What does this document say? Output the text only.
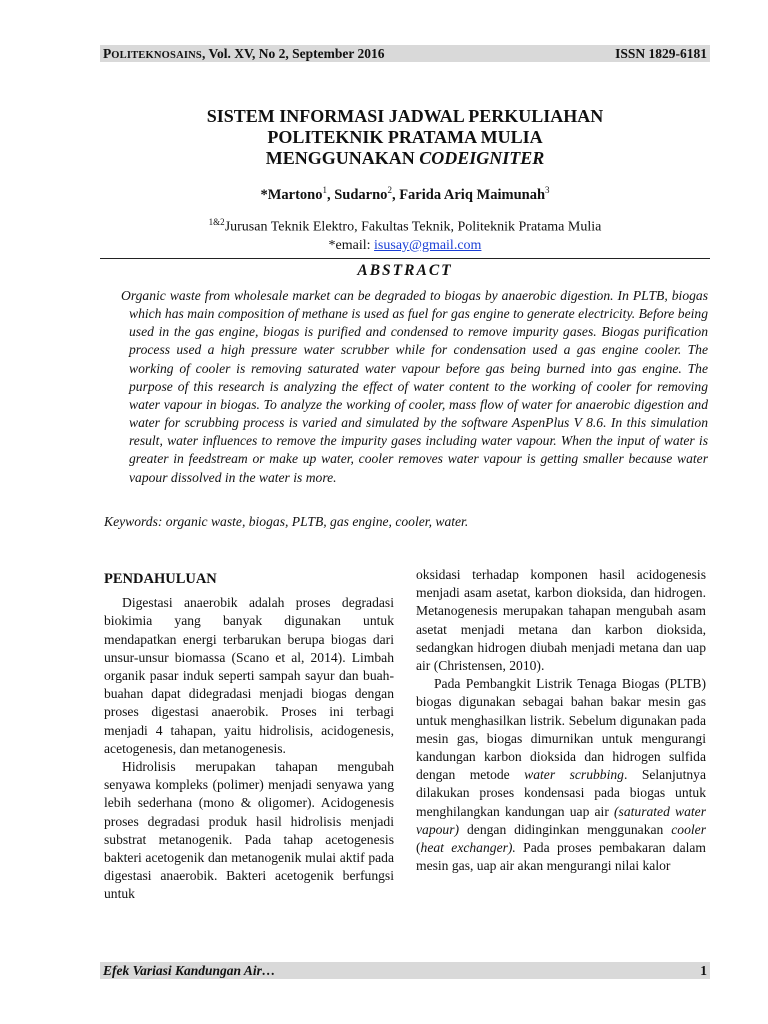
POLITEKNOSAINS, Vol. XV, No 2, September 2016	ISSN 1829-6181
SISTEM INFORMASI JADWAL PERKULIAHAN
POLITEKNIK PRATAMA MULIA
MENGGUNAKAN CODEIGNITER
*Martono$^1$, Sudarno$^2$, Farida Ariq Maimunah$^3$
$^{1\&2}$Jurusan Teknik Elektro, Fakultas Teknik, Politeknik Pratama Mulia
*email: isusay@gmail.com
ABSTRACT

Organic waste from wholesale market can be degraded to biogas by anaerobic digestion. In PLTB, biogas which has main composition of methane is used as fuel for gas engine to generate electricity. Before being used in the gas engine, biogas is purified and condensed to remove impurity gases. Biogas purification process used a high pressure water scrubber while for condensation used a gas engine cooler. The working of cooler is removing saturated water vapour before gas being burned into gas engine. The purpose of this research is analyzing the effect of water content to the working of cooler for removing water vapour in biogas. To analyze the working of cooler, mass flow of water for anaerobic digestion and water for scrubbing process is varied and simulated by the software AspenPlus V 8.6. In this simulation result, water influences to remove the impurity gases including water vapour. When the input of water is greater in feedstream or make up water, cooler removes water vapour is getting smaller because water vapour dissolved in the water is more.

Keywords: organic waste, biogas, PLTB, gas engine, cooler, water.
PENDAHULUAN

Digestasi anaerobik adalah proses degradasi biokimia yang banyak digunakan untuk mendapatkan energi terbarukan berupa biogas dari unsur-unsur biomassa (Scano et al, 2014). Limbah organik pasar induk seperti sampah sayur dan buah-buahan dapat didegradasi menjadi biogas dengan proses digestasi anaerobik. Proses ini terbagi menjadi 4 tahapan, yaitu hidrolisis, acidogenesis, acetogenesis, dan metanogenesis.

Hidrolisis merupakan tahapan mengubah senyawa kompleks (polimer) menjadi senyawa yang lebih sederhana (mono & oligomer). Acidogenesis proses degradasi produk hasil hidrolisis menjadi substrat metanogenik. Pada tahap acetogenesis bakteri acetogenik dan metanogenik mulai aktif pada digestasi anaerobik. Bakteri acetogenik berfungsi untuk

oksidasi terhadap komponen hasil acidogenesis menjadi asam asetat, karbon dioksida, dan hidrogen. Metanogenesis merupakan tahapan mengubah asam asetat menjadi metana dan karbon dioksida, sedangkan hidrogen diubah menjadi metana dan uap air (Christensen, 2010).

Pada Pembangkit Listrik Tenaga Biogas (PLTB) biogas digunakan sebagai bahan bakar mesin gas untuk menghasilkan listrik. Sebelum digunakan pada mesin gas, biogas dimurnikan untuk mengurangi kandungan karbon dioksida dan hidrogen sulfida dengan metode water scrubbing. Selanjutnya dilakukan proses kondensasi pada biogas untuk menghilangkan kandungan uap air (saturated water vapour) dengan didinginkan menggunakan cooler (heat exchanger). Pada proses pembakaran dalam mesin gas, uap air akan mengurangi nilai kalor

Efek Variasi Kandungan Air…	1
